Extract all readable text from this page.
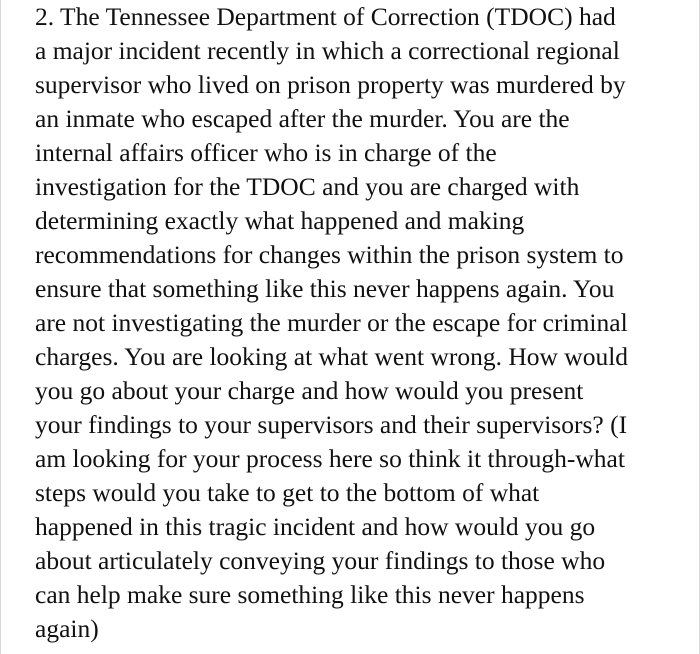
2. The Tennessee Department of Correction (TDOC) had

a major incident recently in which a correctional regional

supervisor who lived on prison property was murdered by

an inmate who escaped after the murder. You are the

internal affairs officer who is in charge of the

investigation for the TDOC and you are charged with

determining exactly what happened and making

recommendations for changes within the prison system to

ensure that something like this never happens again. You

are not investigating the murder or the escape for criminal

charges. You are looking at what went wrong. How would

you go about your charge and how would you present

your findings to your supervisors and their supervisors? (I

am looking for your process here so think it through-what

steps would you take to get to the bottom of what

happened in this tragic incident and how would you go

about articulately conveying your findings to those who

can help make sure something like this never happens

again)
